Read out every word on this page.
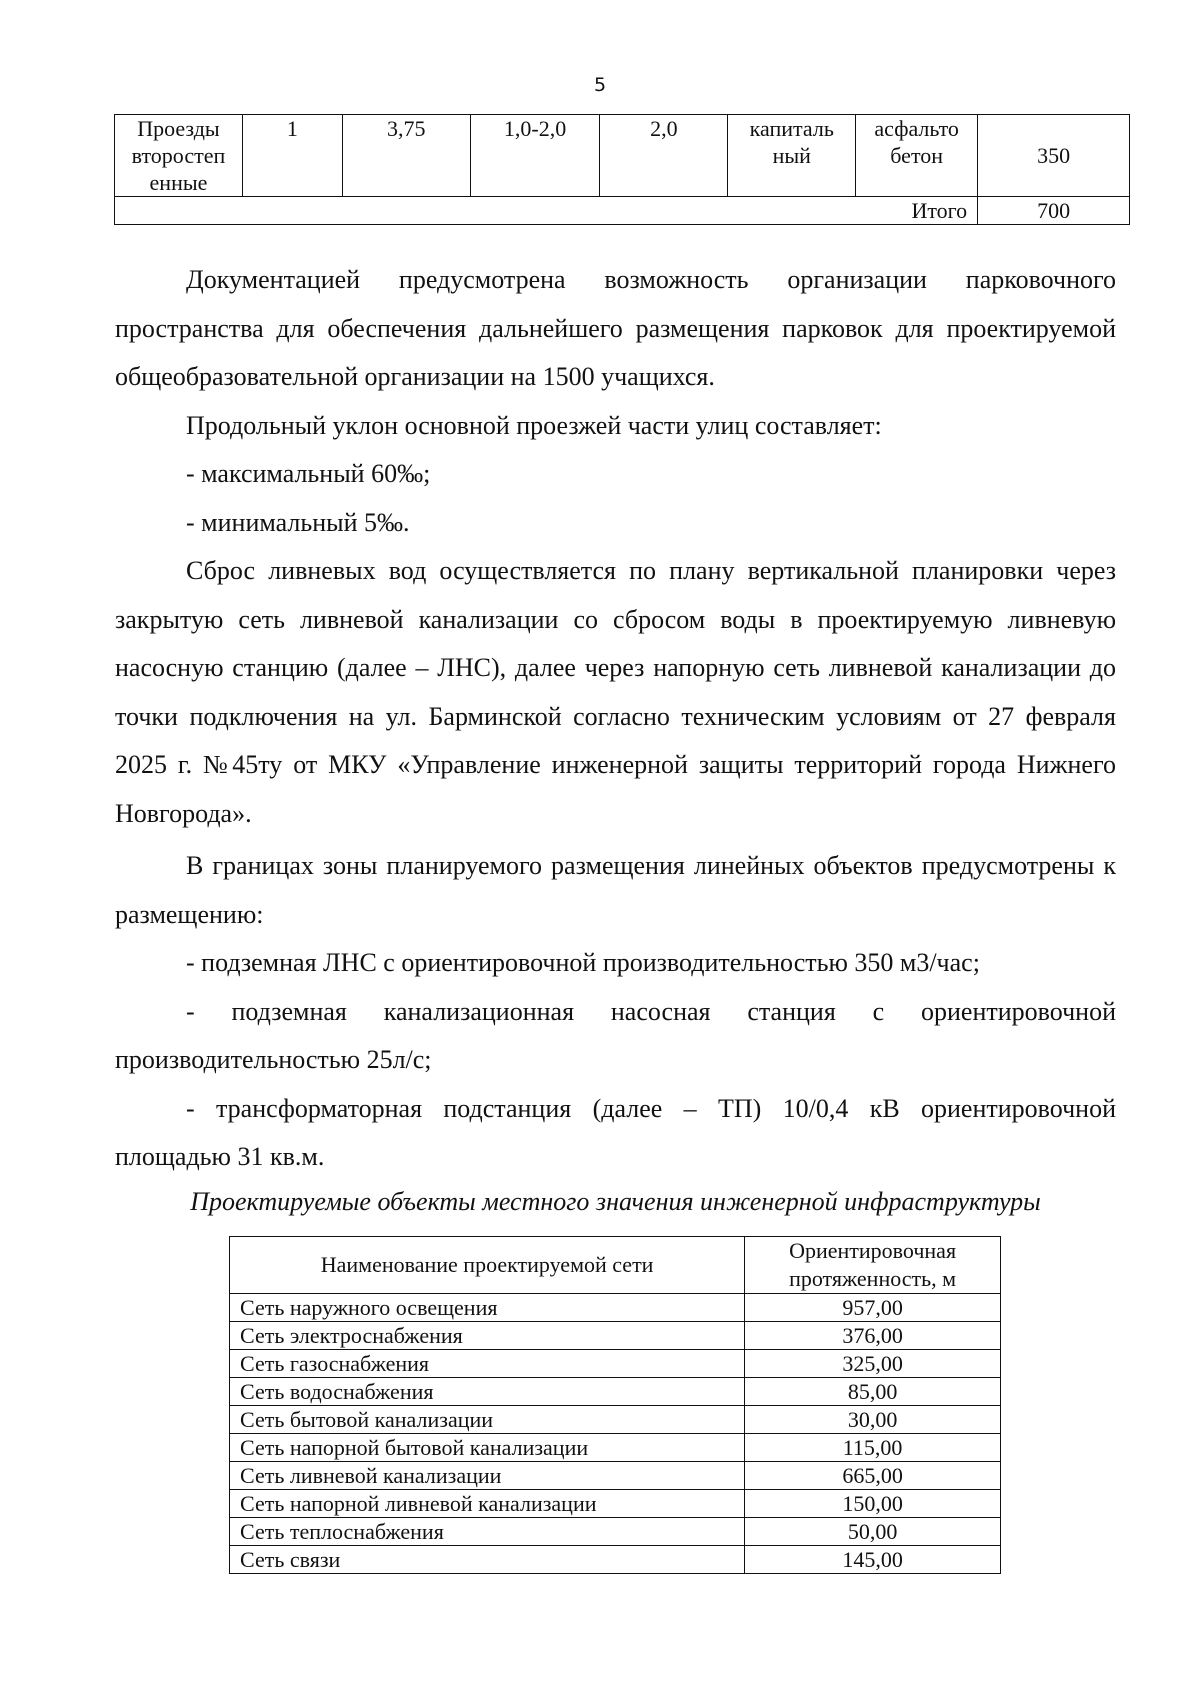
5
Проезды второстеп енные	1	3,75	1,0-2,0	2,0	капиталь ный	асфальто бетон	350
Итого							700

Документацией предусмотрена возможность организации парковочного пространства для обеспечения дальнейшего размещения парковок для проектируемой общеобразовательной организации на 1500 учащихся.

Продольный уклон основной проезжей части улиц составляет:

- максимальный 60‰;

- минимальный 5‰.

Сброс ливневых вод осуществляется по плану вертикальной планировки через закрытую сеть ливневой канализации со сбросом воды в проектируемую ливневую насосную станцию (далее – ЛНС), далее через напорную сеть ливневой канализации до точки подключения на ул. Барминской согласно техническим условиям от 27 февраля 2025 г. №45ту от МКУ «Управление инженерной защиты территорий города Нижнего Новгорода».

В границах зоны планируемого размещения линейных объектов предусмотрены к размещению:

- подземная ЛНС с ориентировочной производительностью 350 м3/час;

- подземная канализационная насосная станция с ориентировочной производительностью 25л/с;

- трансформаторная подстанция (далее – ТП) 10/0,4 кВ ориентировочной площадью 31 кв.м.

Проектируемые объекты местного значения инженерной инфраструктуры
Наименование проектируемой сети	Ориентировочная протяженность, м
Сеть наружного освещения	957,00
Сеть электроснабжения	376,00
Сеть газоснабжения	325,00
Сеть водоснабжения	85,00
Сеть бытовой канализации	30,00
Сеть напорной бытовой канализации	115,00
Сеть ливневой канализации	665,00
Сеть напорной ливневой канализации	150,00
Сеть теплоснабжения	50,00
Сеть связи	145,00
